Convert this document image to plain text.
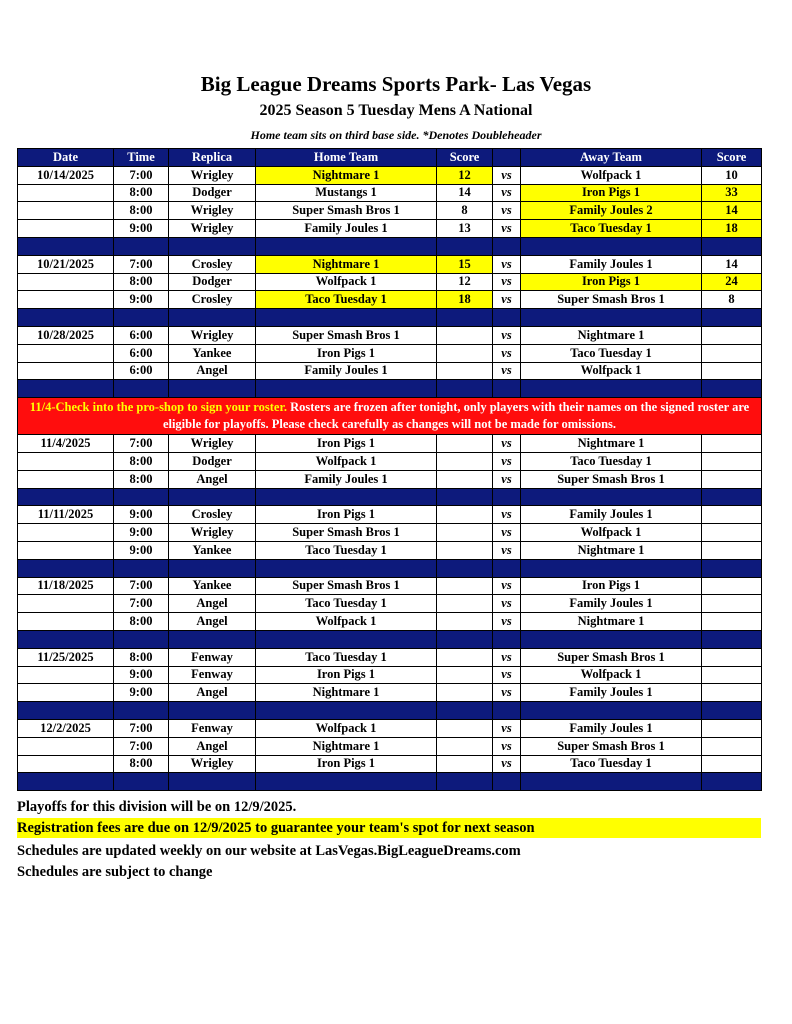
Big League Dreams Sports Park- Las Vegas
2025 Season 5 Tuesday Mens A National
Home team sits on third base side. *Denotes Doubleheader
Date	Time	Replica	Home Team	Score		Away Team	Score
10/14/2025	7:00	Wrigley	Nightmare 1	12	vs	Wolfpack 1	10
	8:00	Dodger	Mustangs 1	14	vs	Iron Pigs 1	33
	8:00	Wrigley	Super Smash Bros 1	8	vs	Family Joules 2	14
	9:00	Wrigley	Family Joules 1	13	vs	Taco Tuesday 1	18

10/21/2025	7:00	Crosley	Nightmare 1	15	vs	Family Joules 1	14
	8:00	Dodger	Wolfpack 1	12	vs	Iron Pigs 1	24
	9:00	Crosley	Taco Tuesday 1	18	vs	Super Smash Bros 1	8

10/28/2025	6:00	Wrigley	Super Smash Bros 1		vs	Nightmare 1	
	6:00	Yankee	Iron Pigs 1		vs	Taco Tuesday 1	
	6:00	Angel	Family Joules 1		vs	Wolfpack 1	

11/4-Check into the pro-shop to sign your roster. Rosters are frozen after tonight, only players with their names on the signed roster are eligible for playoffs. Please check carefully as changes will not be made for omissions.							
11/4/2025	7:00	Wrigley	Iron Pigs 1		vs	Nightmare 1	
	8:00	Dodger	Wolfpack 1		vs	Taco Tuesday 1	
	8:00	Angel	Family Joules 1		vs	Super Smash Bros 1	

11/11/2025	9:00	Crosley	Iron Pigs 1		vs	Family Joules 1	
	9:00	Wrigley	Super Smash Bros 1		vs	Wolfpack 1	
	9:00	Yankee	Taco Tuesday 1		vs	Nightmare 1	

11/18/2025	7:00	Yankee	Super Smash Bros 1		vs	Iron Pigs 1	
	7:00	Angel	Taco Tuesday 1		vs	Family Joules 1	
	8:00	Angel	Wolfpack 1		vs	Nightmare 1	

11/25/2025	8:00	Fenway	Taco Tuesday 1		vs	Super Smash Bros 1	
	9:00	Fenway	Iron Pigs 1		vs	Wolfpack 1	
	9:00	Angel	Nightmare 1		vs	Family Joules 1	

12/2/2025	7:00	Fenway	Wolfpack 1		vs	Family Joules 1	
	7:00	Angel	Nightmare 1		vs	Super Smash Bros 1	
	8:00	Wrigley	Iron Pigs 1		vs	Taco Tuesday 1	

Playoffs for this division will be on 12/9/2025.
Registration fees are due on 12/9/2025 to guarantee your team's spot for next season
Schedules are updated weekly on our website at LasVegas.BigLeagueDreams.com
Schedules are subject to change
